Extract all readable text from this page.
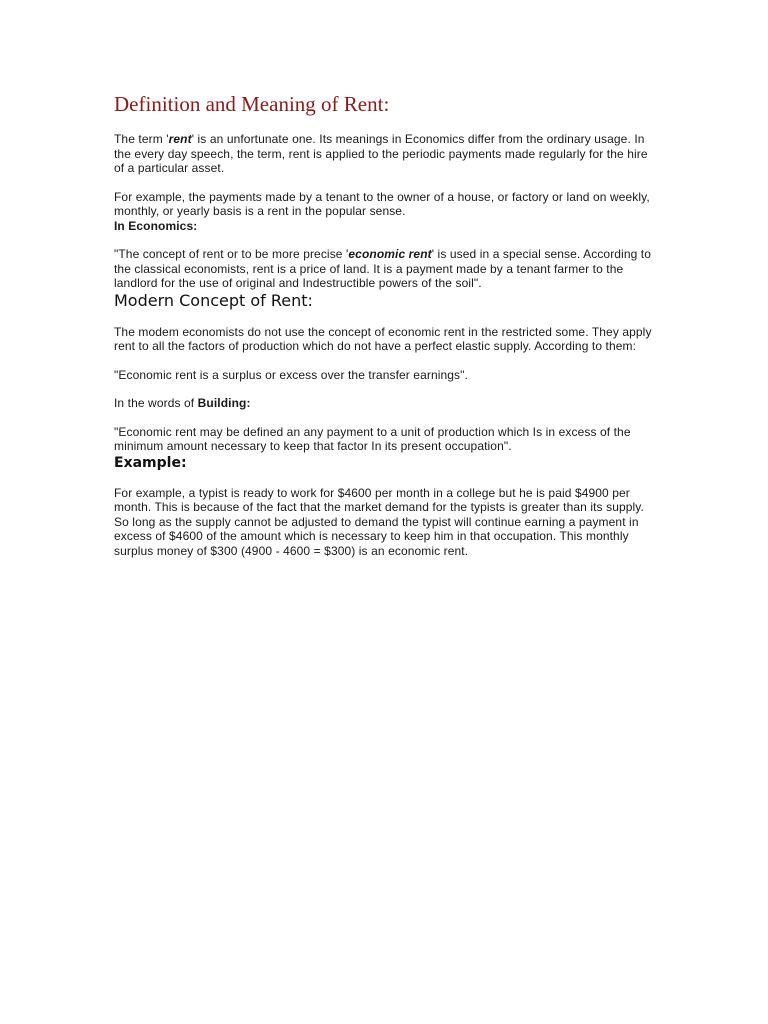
Definition and Meaning of Rent:

The term 'rent' is an unfortunate one. Its meanings in Economics differ from the ordinary usage. In the every day speech, the term, rent is applied to the periodic payments made regularly for the hire of a particular asset.

For example, the payments made by a tenant to the owner of a house, or factory or land on weekly, monthly, or yearly basis is a rent in the popular sense.

In Economics:

"The concept of rent or to be more precise 'economic rent' is used in a special sense. According to the classical economists, rent is a price of land. It is a payment made by a tenant farmer to the landlord for the use of original and Indestructible powers of the soil".

Modern Concept of Rent:

The modem economists do not use the concept of economic rent in the restricted some. They apply rent to all the factors of production which do not have a perfect elastic supply. According to them:

"Economic rent is a surplus or excess over the transfer earnings".

In the words of Building:

"Economic rent may be defined an any payment to a unit of production which Is in excess of the minimum amount necessary to keep that factor In its present occupation".

Example:

For example, a typist is ready to work for $4600 per month in a college but he is paid $4900 per month. This is because of the fact that the market demand for the typists is greater than its supply. So long as the supply cannot be adjusted to demand the typist will continue earning a payment in excess of $4600 of the amount which is necessary to keep him in that occupation. This monthly surplus money of $300 (4900 - 4600 = $300) is an economic rent.
